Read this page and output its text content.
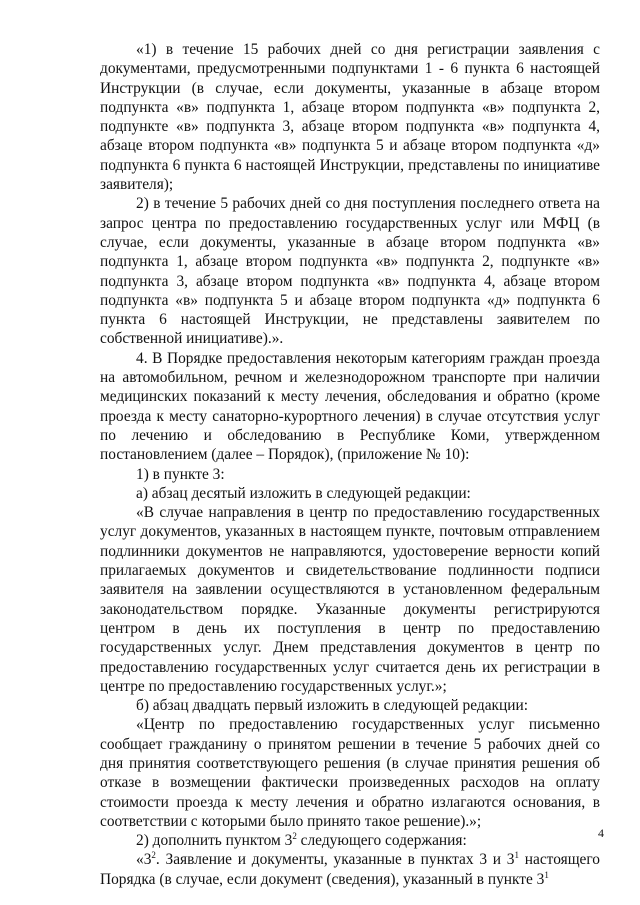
«1) в течение 15 рабочих дней со дня регистрации заявления с документами, предусмотренными подпунктами 1 - 6 пункта 6 настоящей Инструкции (в случае, если документы, указанные в абзаце втором подпункта «в» подпункта 1, абзаце втором подпункта «в» подпункта 2, подпункте «в» подпункта 3, абзаце втором подпункта «в» подпункта 4, абзаце втором подпункта «в» подпункта 5 и абзаце втором подпункта «д» подпункта 6 пункта 6 настоящей Инструкции, представлены по инициативе заявителя);

2) в течение 5 рабочих дней со дня поступления последнего ответа на запрос центра по предоставлению государственных услуг или МФЦ (в случае, если документы, указанные в абзаце втором подпункта «в» подпункта 1, абзаце втором подпункта «в» подпункта 2, подпункте «в» подпункта 3, абзаце втором подпункта «в» подпункта 4, абзаце втором подпункта «в» подпункта 5 и абзаце втором подпункта «д» подпункта 6 пункта 6 настоящей Инструкции, не представлены заявителем по собственной инициативе).».

4. В Порядке предоставления некоторым категориям граждан проезда на автомобильном, речном и железнодорожном транспорте при наличии медицинских показаний к месту лечения, обследования и обратно (кроме проезда к месту санаторно-курортного лечения) в случае отсутствия услуг по лечению и обследованию в Республике Коми, утвержденном постановлением (далее – Порядок), (приложение № 10):

1) в пункте 3:

а) абзац десятый изложить в следующей редакции:

«В случае направления в центр по предоставлению государственных услуг документов, указанных в настоящем пункте, почтовым отправлением подлинники документов не направляются, удостоверение верности копий прилагаемых документов и свидетельствование подлинности подписи заявителя на заявлении осуществляются в установленном федеральным законодательством порядке. Указанные документы регистрируются центром в день их поступления в центр по предоставлению государственных услуг. Днем представления документов в центр по предоставлению государственных услуг считается день их регистрации в центре по предоставлению государственных услуг.»;

б) абзац двадцать первый изложить в следующей редакции:

«Центр по предоставлению государственных услуг письменно сообщает гражданину о принятом решении в течение 5 рабочих дней со дня принятия соответствующего решения (в случае принятия решения об отказе в возмещении фактически произведенных расходов на оплату стоимости проезда к месту лечения и обратно излагаются основания, в соответствии с которыми было принято такое решение).»;

2) дополнить пунктом $3^2$ следующего содержания:

«$3^2$. Заявление и документы, указанные в пунктах 3 и $3^1$ настоящего Порядка (в случае, если документ (сведения), указанный в пункте $3^1$

4
